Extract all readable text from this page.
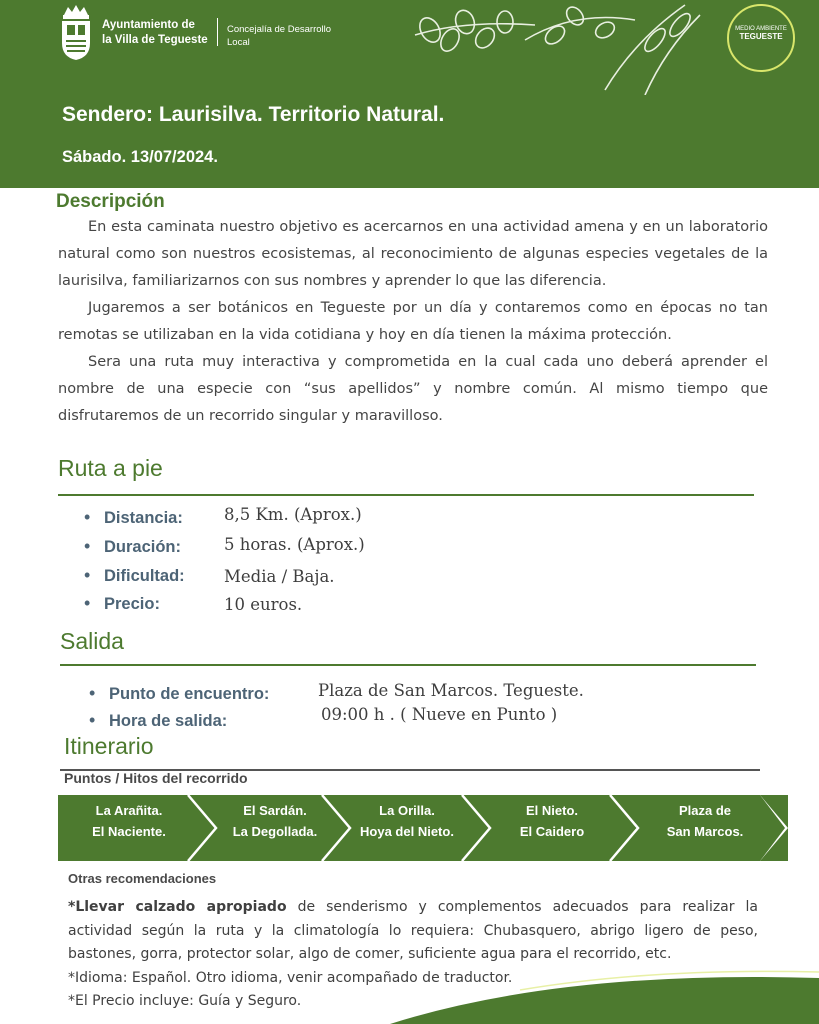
Ayuntamiento de
la Villa de Tegueste
Concejalía de Desarrollo
Local
MEDIO AMBIENTE
TEGUESTE
Sendero: Laurisilva. Territorio Natural.
Sábado. 13/07/2024.
Descripción

En esta caminata nuestro objetivo es acercarnos en una actividad amena y en un laboratorio natural como son nuestros ecosistemas, al reconocimiento de algunas especies vegetales de la laurisilva, familiarizarnos con sus nombres y aprender lo que las diferencia.

Jugaremos a ser botánicos en Tegueste por un día y contaremos como en épocas no tan remotas se utilizaban en la vida cotidiana y hoy en día tienen la máxima protección.

Sera una ruta muy interactiva y comprometida en la cual cada uno deberá aprender el nombre de una especie con “sus apellidos” y nombre común. Al mismo tiempo que disfrutaremos de un recorrido singular y maravilloso.

Ruta a pie
• Distancia: 8,5 Km. (Aprox.)
• Duración:	5 horas. (Aprox.)
• Dificultad: Media / Baja.
• Precio:	10 euros.
Salida
• Punto de encuentro:	Plaza de San Marcos. Tegueste.
• Hora de salida:	09:00 h . ( Nueve en Punto )
Itinerario
Puntos / Hitos del recorrido
La Arañita.
El Naciente.
El Sardán.
La Degollada.
La Orilla.
Hoya del Nieto.
El Nieto.
El Caidero
Plaza de
San Marcos.
Otras recomendaciones

*Llevar calzado apropiado de senderismo y complementos adecuados para realizar la actividad según la ruta y la climatología lo requiera: Chubasquero, abrigo ligero de peso, bastones, gorra, protector solar, algo de comer, suficiente agua para el recorrido, etc.

*Idioma: Español. Otro idioma, venir acompañado de traductor.

*El Precio incluye: Guía y Seguro.
